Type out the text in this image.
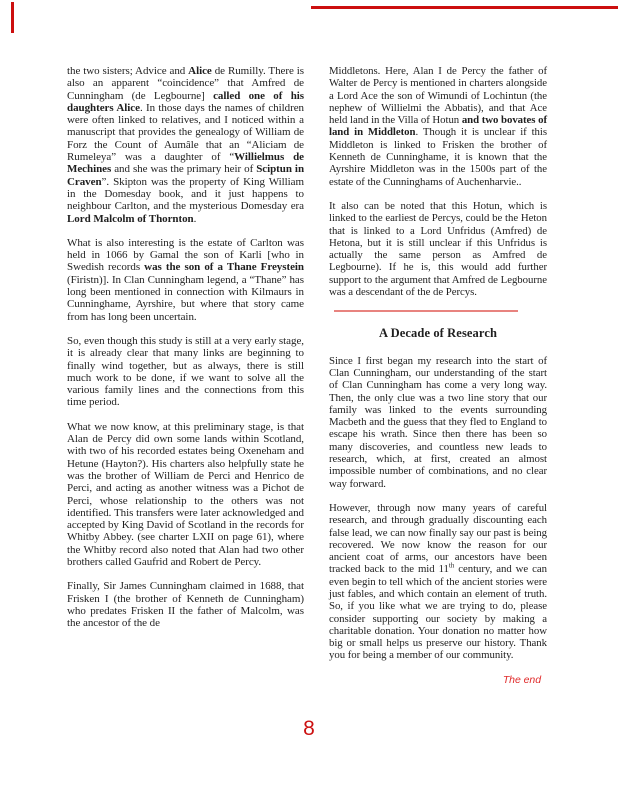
the two sisters; Advice and Alice de Rumilly. There is also an apparent “coincidence” that Amfred de Cunningham (de Legbourne] called one of his daughters Alice. In those days the names of children were often linked to relatives, and I noticed within a manuscript that provides the genealogy of William de Forz the Count of Aumâle that an “Aliciam de Rumeleya” was a daughter of “Willielmus de Mechines and she was the primary heir of Sciptun in Craven”. Skipton was the property of King William in the Domesday book, and it just happens to neighbour Carlton, and the mysterious Domesday era Lord Malcolm of Thornton.

What is also interesting is the estate of Carlton was held in 1066 by Gamal the son of Karli [who in Swedish records was the son of a Thane Freystein (Firistn)]. In Clan Cunningham legend, a “Thane” has long been mentioned in connection with Kilmaurs in Cunninghame, Ayrshire, but where that story came from has long been uncertain.

So, even though this study is still at a very early stage, it is already clear that many links are beginning to finally wind together, but as always, there is still much work to be done, if we want to solve all the various family lines and the connections from this time period.

What we now know, at this preliminary stage, is that Alan de Percy did own some lands within Scotland, with two of his recorded estates being Oxeneham and Hetune (Hayton?). His charters also helpfully state he was the brother of William de Perci and Henrico de Perci, and acting as another witness was a Pichot de Perci, whose relationship to the others was not identified. This transfers were later acknowledged and accepted by King David of Scotland in the records for Whitby Abbey. (see charter LXII on page 61), where the Whitby record also noted that Alan had two other brothers called Gaufrid and Robert de Percy.

Finally, Sir James Cunningham claimed in 1688, that Frisken I (the brother of Kenneth de Cunningham) who predates Frisken II the father of Malcolm, was the ancestor of the de

Middletons. Here, Alan I de Percy the father of Walter de Percy is mentioned in charters alongside a Lord Ace the son of Wimundi of Lochintun (the nephew of Willielmi the Abbatis), and that Ace held land in the Villa of Hotun and two bovates of land in Middleton. Though it is unclear if this Middleton is linked to Frisken the brother of Kenneth de Cunninghame, it is known that the Ayrshire Middleton was in the 1500s part of the estate of the Cunninghams of Auchenharvie..

It also can be noted that this Hotun, which is linked to the earliest de Percys, could be the Heton that is linked to a Lord Unfridus (Amfred) de Hetona, but it is still unclear if this Unfridus is actually the same person as Amfred de Legbourne). If he is, this would add further support to the argument that Amfred de Legbourne was a descendant of the de Percys.

A Decade of Research

Since I first began my research into the start of Clan Cunningham, our understanding of the start of Clan Cunningham has come a very long way. Then, the only clue was a two line story that our family was linked to the events surrounding Macbeth and the guess that they fled to England to escape his wrath. Since then there has been so many discoveries, and countless new leads to research, which, at first, created an almost impossible number of combinations, and no clear way forward.

However, through now many years of careful research, and through gradually discounting each false lead, we can now finally say our past is being recovered. We now know the reason for our ancient coat of arms, our ancestors have been tracked back to the mid 11th century, and we can even begin to tell which of the ancient stories were just fables, and which contain an element of truth. So, if you like what we are trying to do, please consider supporting our society by making a charitable donation. Your donation no matter how big or small helps us preserve our history. Thank you for being a member of our community.

The end
8
